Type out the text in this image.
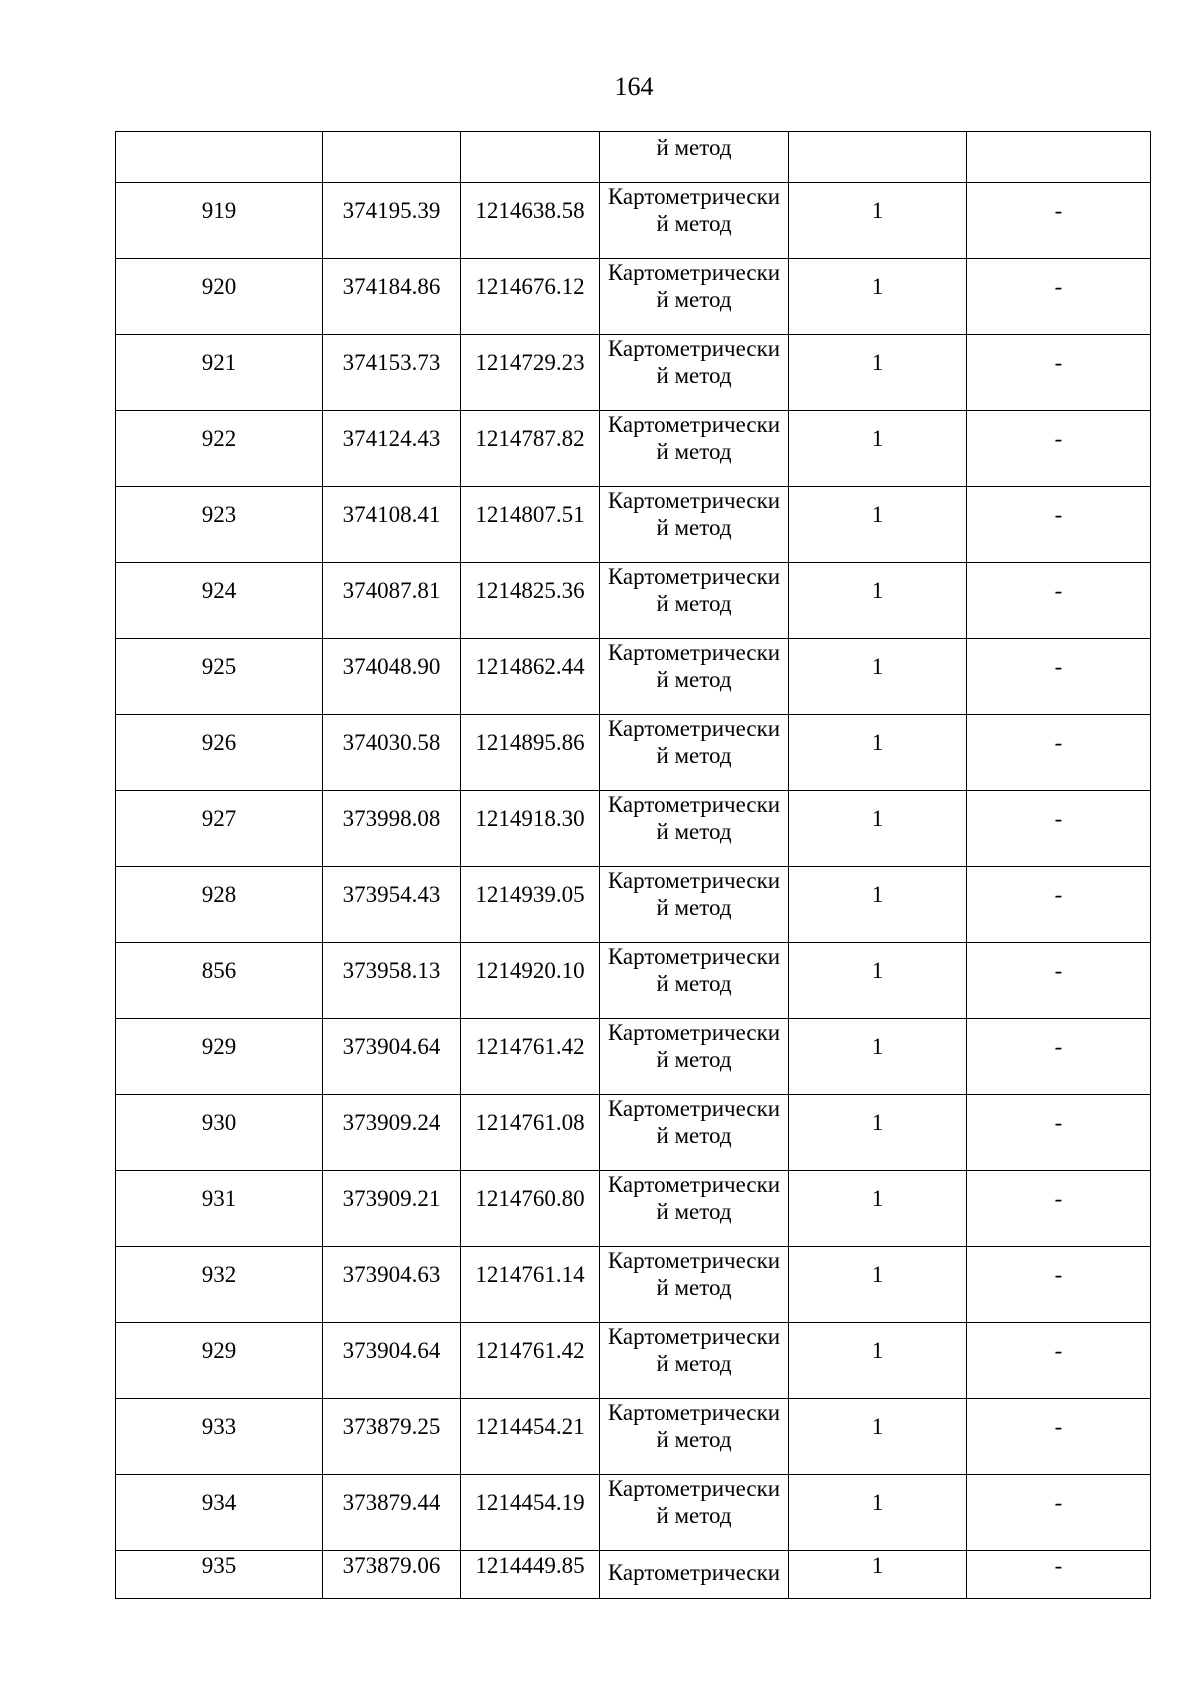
164

			й метод		

919	374195.39	1214638.58	Картометрически
й метод	1	-

920	374184.86	1214676.12	Картометрически
й метод	1	-

921	374153.73	1214729.23	Картометрически
й метод	1	-

922	374124.43	1214787.82	Картометрически
й метод	1	-

923	374108.41	1214807.51	Картометрически
й метод	1	-

924	374087.81	1214825.36	Картометрически
й метод	1	-

925	374048.90	1214862.44	Картометрически
й метод	1	-

926	374030.58	1214895.86	Картометрически
й метод	1	-

927	373998.08	1214918.30	Картометрически
й метод	1	-

928	373954.43	1214939.05	Картометрически
й метод	1	-

856	373958.13	1214920.10	Картометрически
й метод	1	-

929	373904.64	1214761.42	Картометрически
й метод	1	-

930	373909.24	1214761.08	Картометрически
й метод	1	-

931	373909.21	1214760.80	Картометрически
й метод	1	-

932	373904.63	1214761.14	Картометрически
й метод	1	-

929	373904.64	1214761.42	Картометрически
й метод	1	-

933	373879.25	1214454.21	Картометрически
й метод	1	-

934	373879.44	1214454.19	Картометрически
й метод	1	-

935	373879.06	1214449.85	Картометрически	1	-
